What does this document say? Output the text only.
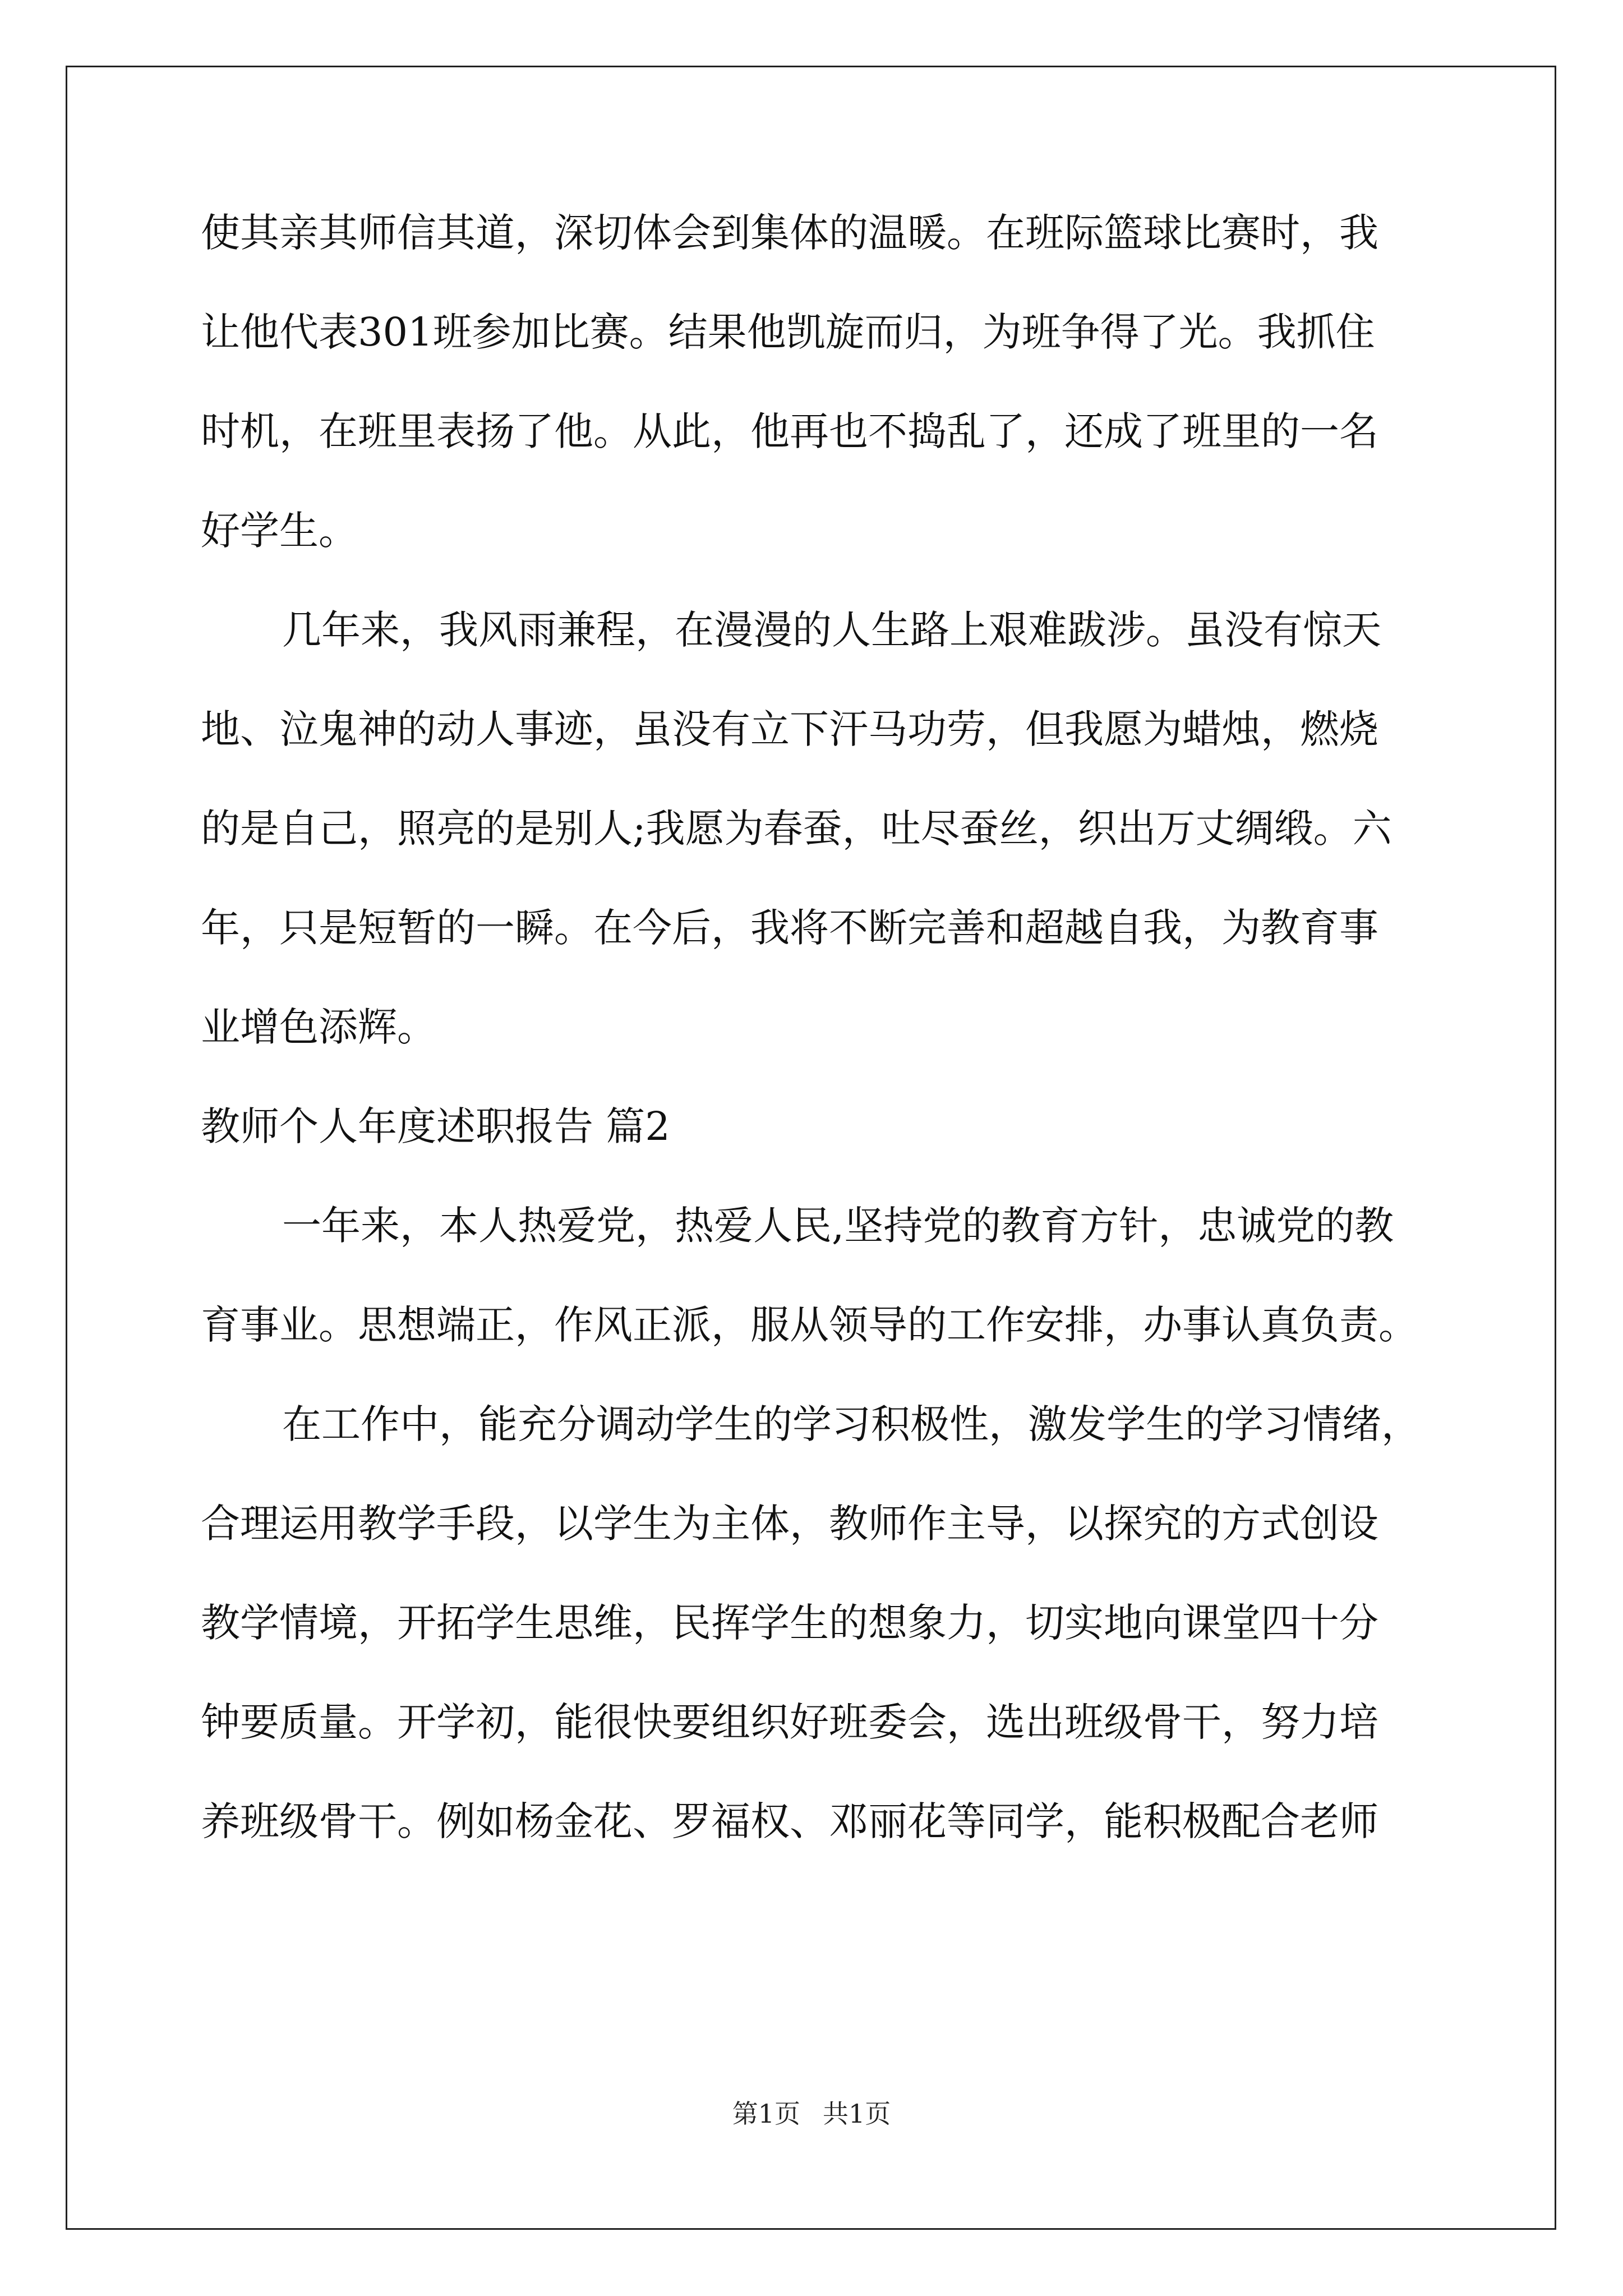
使其亲其师信其道，深切体会到集体的温暖。在班际篮球比赛时，我
让他代表301班参加比赛。结果他凯旋而归，为班争得了光。我抓住
时机，在班里表扬了他。从此，他再也不捣乱了，还成了班里的一名
好学生。
几年来，我风雨兼程，在漫漫的人生路上艰难跋涉。虽没有惊天
地、泣鬼神的动人事迹，虽没有立下汗马功劳，但我愿为蜡烛，燃烧
的是自己，照亮的是别人;我愿为春蚕，吐尽蚕丝，织出万丈绸缎。六
年，只是短暂的一瞬。在今后，我将不断完善和超越自我，为教育事
业增色添辉。
教师个人年度述职报告 篇2
一年来，本人热爱党，热爱人民,坚持党的教育方针，忠诚党的教
育事业。思想端正，作风正派，服从领导的工作安排，办事认真负责。
在工作中，能充分调动学生的学习积极性，激发学生的学习情绪，
合理运用教学手段，以学生为主体，教师作主导，以探究的方式创设
教学情境，开拓学生思维，民挥学生的想象力，切实地向课堂四十分
钟要质量。开学初，能很快要组织好班委会，选出班级骨干，努力培
养班级骨干。例如杨金花、罗福权、邓丽花等同学，能积极配合老师
第1页 共1页
